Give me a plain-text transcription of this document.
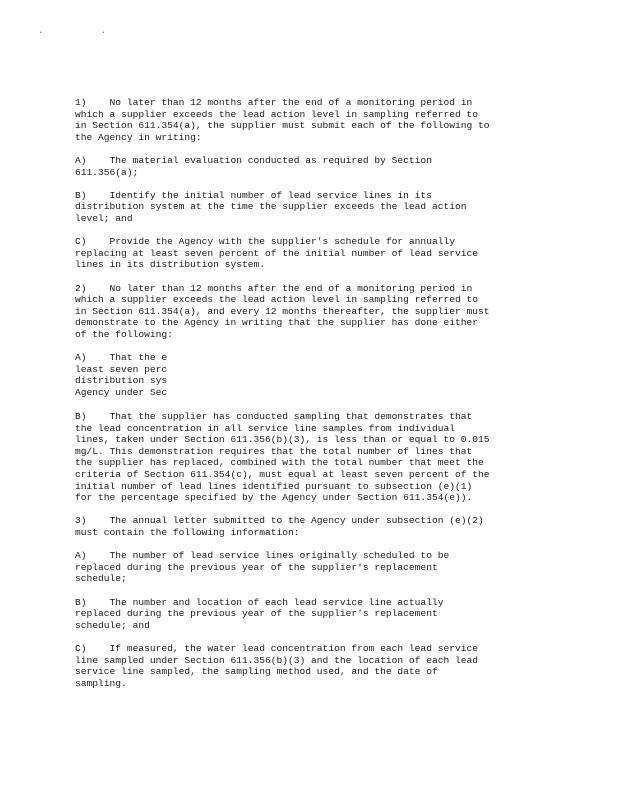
· ·

1)    No later than 12 months after the end of a monitoring period in
which a supplier exceeds the lead action level in sampling referred to
in Section 611.354(a), the supplier must submit each of the following to
the Agency in writing:

A)    The material evaluation conducted as required by Section
611.356(a);

B)    Identify the initial number of lead service lines in its
distribution system at the time the supplier exceeds the lead action
level; and

C)    Provide the Agency with the supplier's schedule for annually
replacing at least seven percent of the initial number of lead service
lines in its distribution system.

2)    No later than 12 months after the end of a monitoring period in
which a supplier exceeds the lead action level in sampling referred to
in Section 611.354(a), and every 12 months thereafter, the supplier must
demonstrate to the Agency in writing that the supplier has done either
of the following:

A)    That the e
least seven perc
distribution sys
Agency under Sec

B)    That the supplier has conducted sampling that demonstrates that
the lead concentration in all service line samples from individual
lines, taken under Section 611.356(b)(3), is less than or equal to 0.015
mg/L. This demonstration requires that the total number of lines that
the supplier has replaced, combined with the total number that meet the
criteria of Section 611.354(c), must equal at least seven percent of the
initial number of lead lines identified pursuant to subsection (e)(1)
for the percentage specified by the Agency under Section 611.354(e)).

3)    The annual letter submitted to the Agency under subsection (e)(2)
must contain the following information:

A)    The number of lead service lines originally scheduled to be
replaced during the previous year of the supplier's replacement
schedule;

B)    The number and location of each lead service line actually
replaced during the previous year of the supplier's replacement
schedule; and

C)    If measured, the water lead concentration from each lead service
line sampled under Section 611.356(b)(3) and the location of each lead
service line sampled, the sampling method used, and the date of
sampling.
